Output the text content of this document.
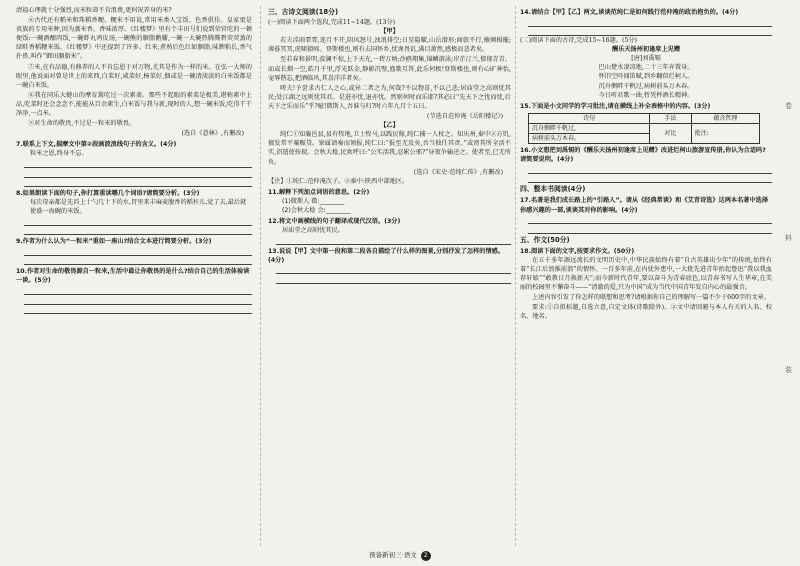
清福心理就十分强烈,而米粒却不肯浪费,更何况养身的米?

⑥古代还有稻米和珠稻香粳。粳米不用说,常用米类人宝饭、色香俱佳。皇家更是贵族的专用米种,因为蒸米香、香味浓厚。《红楼梦》里有个丰田号们说到荣官吃的一顿便饭:一碗酒酿肉饭,一碗虾丸鸡皮汤,一碗熊的胭脂鹅脯,一碗一大碗热腾腾碧荧荧蒸的绿畦香稻粳米饭。《红楼梦》中还提到了许多。红米,煮熟后色红如胭脂,味腴粘长,香气扑鼻,叫作“御田胭脂米”。

⑦米,在有品德,有修养的人不肯忘恩于对万物,尤其是作为一样的米。在弘一大师的眼里,他说面对曾是世上的来西,白菜好,咸菜好,杨菜好,偶或是一碗清淡淡的白米饭都是一碗白米饭。

⑧我在同乐大健山的摩育篱吃过一次素斋。那些不起眼的素菜是极美,堪称素中上品,吃菜时还会念念不,能能从百余素生,白米饭与我与新,现时的人,想一碗米饭,吃得干干净净,一点米。

⑨对生命的敬畏,不过是一粒米的敬畏。

(选自《意林》,有删改)
7.联系上下文,揣摩文中第②段画波浪线句子的含义。(4分)
粒米之恩,终身不忘。
8.如果朗读下面的句子,你打算重读哪几个词语?请简要分析。(3分)
每次母亲都是先舀上十勺几十下的水,胃里来丰麻麦腹香的稻秆儿,觉了去,最后就使盛一海碗的米饭。
9.作者为什么认为“一粒米”重如一座山?结合文本进行简要分析。(3分)
10.作者对生命的敬畏源自一粒米,生活中最让你敬畏的是什么?结合自己的生活体验谈一谈。(5分)
三、古诗文阅读(18分)
(一)阅读下面两个选段,完成11~14题。(13分)
【甲】

若夫淫雨霏霏,连月不开,阴风怒号,浊浪排空;日星隐耀,山岳潜形;商旅不行,樯倾楫摧;薄暮冥冥,虎啸猿啼。登斯楼也,则有去国怀乡,忧谗畏讥,满目萧然,感极而悲者矣。

至若春和景明,波澜不惊,上下天光,一碧万顷;沙鸥翔集,锦鳞游泳;岸芷汀兰,郁郁青青。而或长烟一空,皓月千里,浮光跃金,静影沉璧,渔歌互答,此乐何极!登斯楼也,则有心旷神怡,宠辱偕忘,把酒临风,其喜洋洋者矣。

嗟夫!予尝求古仁人之心,或异二者之为,何哉?不以物喜,不以己悲;居庙堂之高则忧其民;处江湖之远则忧其君。是进亦忧,退亦忧。然则何时而乐耶?其必曰“先天下之忧而忧,后天下之乐而乐”乎?噫!微斯人,吾谁与归?时六年九月十五日。

(节选自范仲淹《岳阳楼记》)
【乙】

纯仁①知襄邑县,县有牧地,卫士牧马,以践民稼,纯仁捕一人杖之。知庆州,秦中②方饥,擅发常平粟赈贷。寮属请奏而须报,纯仁曰:“报至无及矣,吾当独任其责。”或谤其所全活不实,诏遣使按视。会秋大稔,民欢呼曰:“公实活我,忍累公邪?”昼夜争输还之。使者至,已无所负。

(选自《宋史·范纯仁传》,有删改)
【注】①纯仁:范仲淹次子。②秦中:陕西中部地区。
11.解释下列加点词语的意思。(2分)
(1)微斯人 微:________
(2)会秋大稔 会:________
12.将文中画横线的句子翻译成现代汉语。(3分)
居庙堂之高则忧其民。
13.说说【甲】文中第一段和第二段各自描绘了什么样的图景,分别抒发了怎样的情感。(4分)
14.请结合【甲】【乙】两文,谈谈范纯仁是如何践行范仲淹的政治抱负的。(4分)
(二)阅读下面的古诗,完成15~16题。(5分)
酬乐天扬州初逢席上见赠
[唐]刘禹锡
巴山楚水凄凉地,二十三年弃置身。
怀旧空吟闻笛赋,到乡翻似烂柯人。
沉舟侧畔千帆过,病树前头万木春。
今日听君歌一曲,暂凭杯酒长精神。
15.下面是小文同学的学习批注,请在横线上补全表格中的内容。(3分)
诗句	手法	蕴含哲理
沉舟侧畔千帆过,	对比	批注:
病树前头万木春。		
16.小文想把刘禹锡的《酬乐天扬州初逢席上见赠》改进烂柯山旅游宣传册,你认为合适吗?请简要说明。(4分)
四、整本书阅读(4分)
17.名著是我们成长路上的“引路人”。请从《经典常谈》和《艾青诗选》这两本名著中选择你感兴趣的一部,谈谈其对你的影响。(4分)
五、作文(50分)
18.阅读下面的文字,按要求作文。(50分)

在五千多年源远流长的文明历史中,中华民族始终有着“自古英雄出少年”的传统,始终有着“长江后浪推前浪”的情怀。一百多年前,在内忧外患中,一大批先进青年抬起鲁迅“我以我血荐轩辕”“敢教日月换新天”;而今新时代青年,要以奋斗为青春底色,以青春书写人生华章,在美丽的校园里不懈奋斗——“清澈的爱,只为中国”成为当代中国青年发自内心的最强音。

上述内容引发了你怎样的联想和思考?请根据你自己的理解写一篇不少于600字的文章。

要求:①自拟标题,自选立意,自定文体(诗歌除外)。②文中请回避与本人有关的人名、校名、地名。

卷
料
装
预备新初三·语文 2
